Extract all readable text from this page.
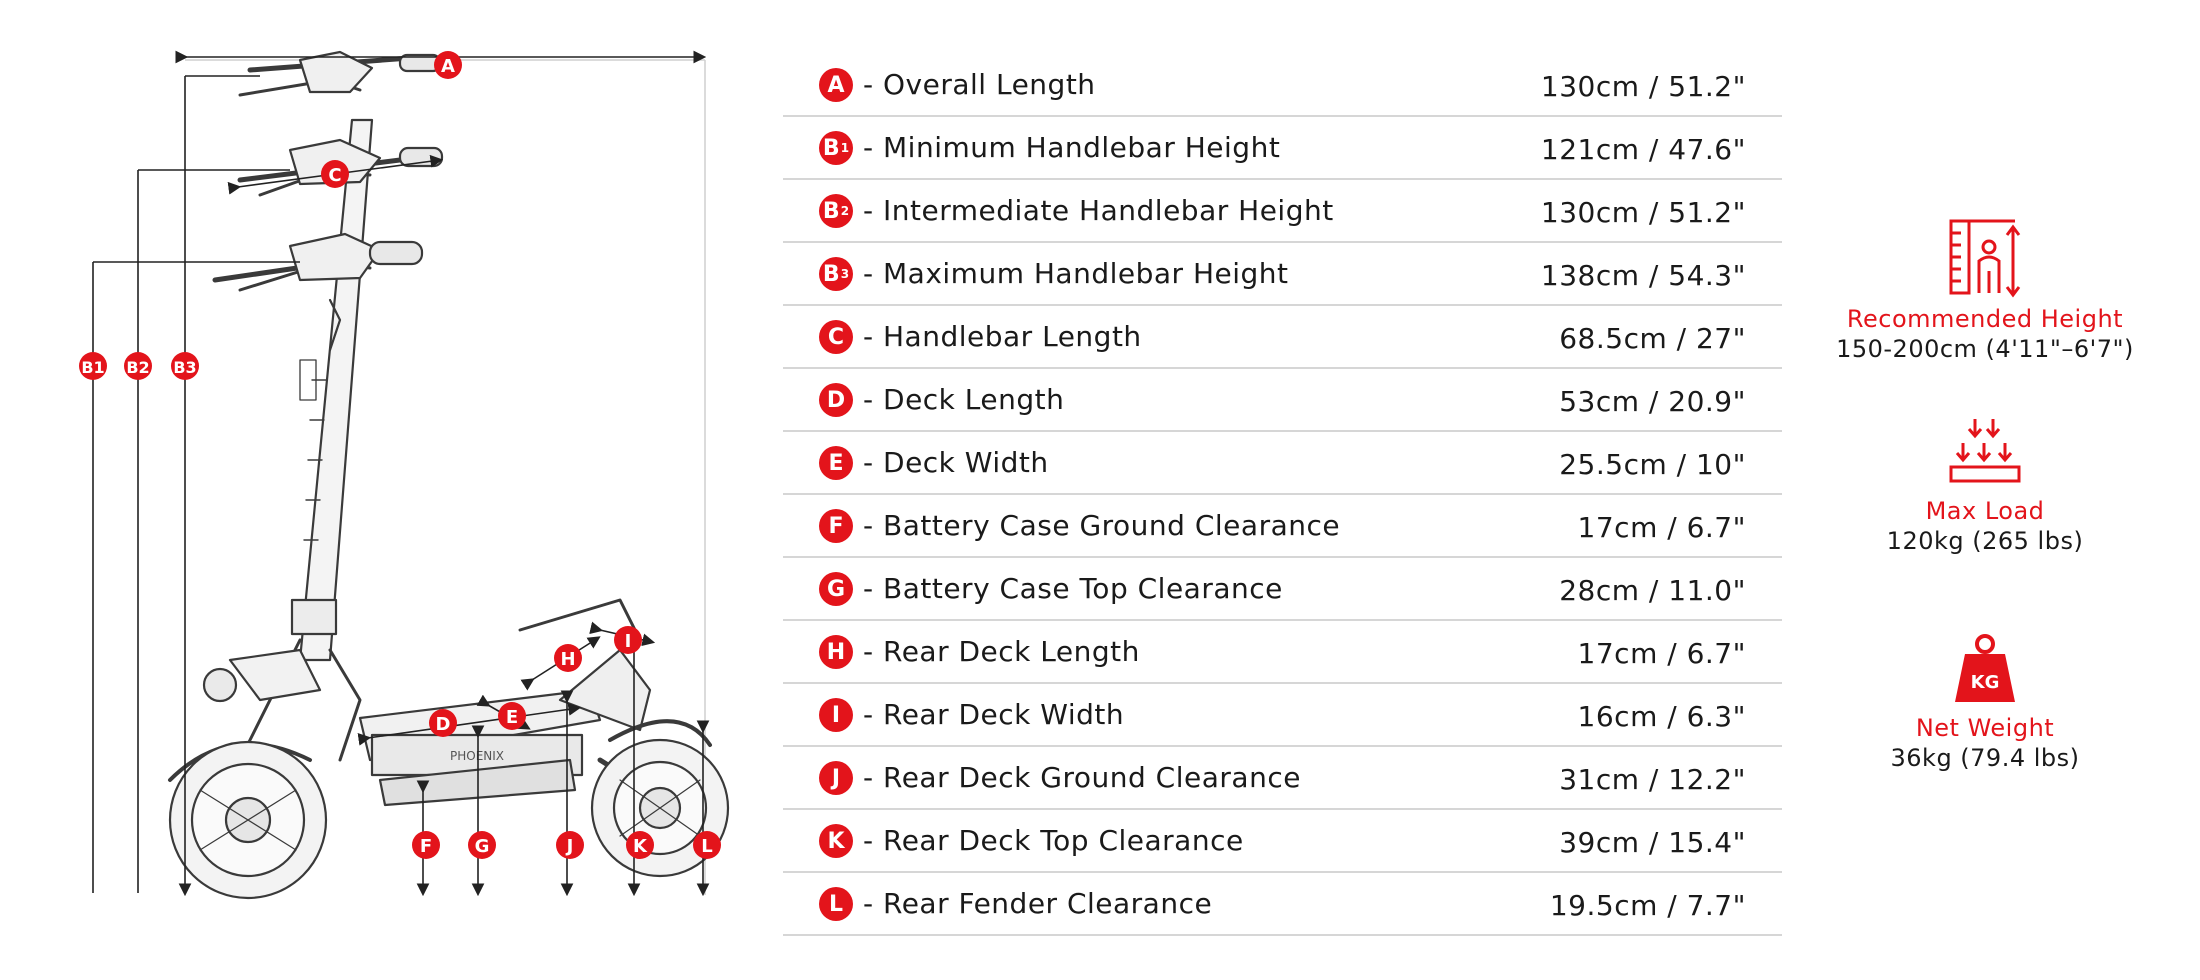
PHOENIX
A
B1 B2 B3
C
D	E
F G
H
I
J	K	L
A - Overall Length	130cm / 51.2"
B 1 - Minimum Handlebar Height	121cm / 47.6"
B 2 - Intermediate Handlebar Height	130cm / 51.2"
B 3 - Maximum Handlebar Height	138cm / 54.3"
C - Handlebar Length	68.5cm / 27"
D - Deck Length	53cm / 20.9"
E - Deck Width	25.5cm / 10"
F - Battery Case Ground Clearance	17cm / 6.7"
G - Battery Case Top Clearance	28cm / 11.0"
H - Rear Deck Length	17cm / 6.7"
I - Rear Deck Width	16cm / 6.3"
J - Rear Deck Ground Clearance	31cm / 12.2"
K - Rear Deck Top Clearance	39cm / 15.4"
L - Rear Fender Clearance	19.5cm / 7.7"
Recommended Height
150-200cm (4'11"–6'7")
Max Load
120kg (265 lbs)
KG
Net Weight
36kg (79.4 lbs)
